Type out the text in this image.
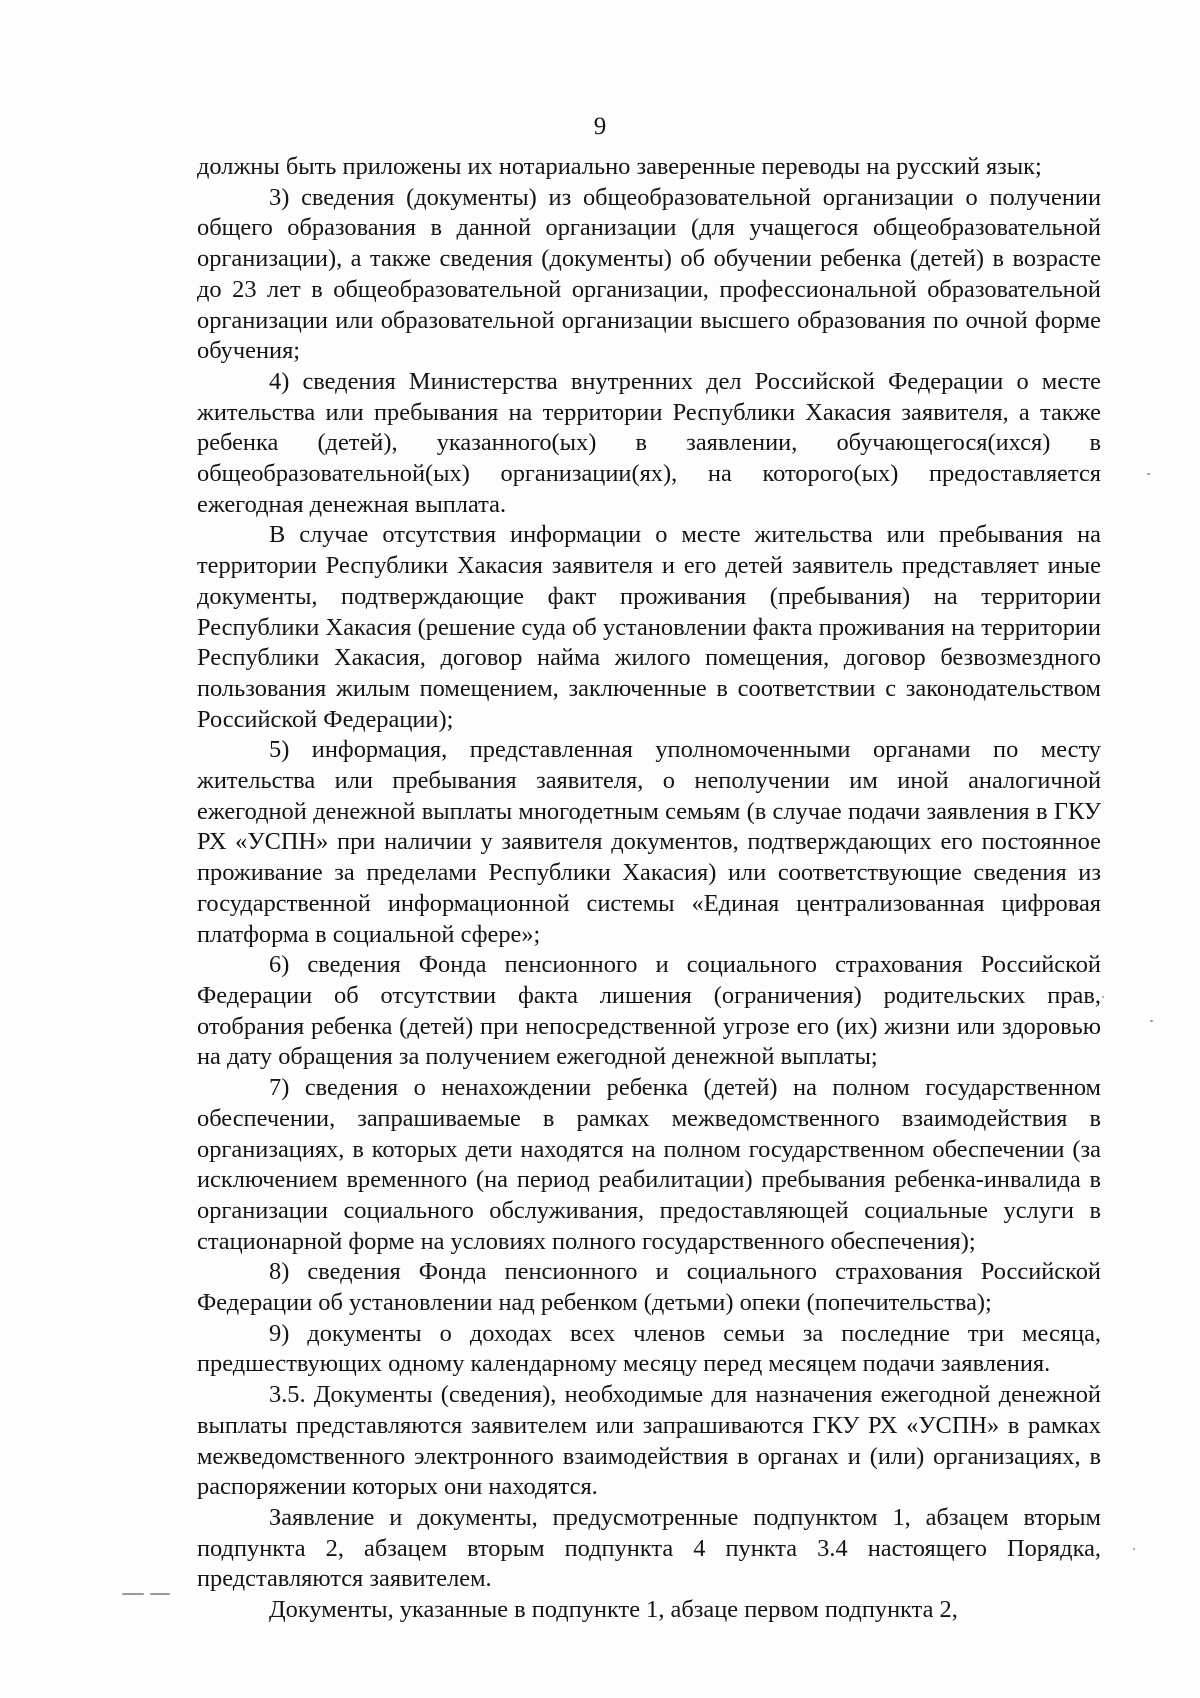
9

должны быть приложены их нотариально заверенные переводы на русский язык;

3) сведения (документы) из общеобразовательной организации о получении общего образования в данной организации (для учащегося общеобразовательной организации), а также сведения (документы) об обучении ребенка (детей) в возрасте до 23 лет в общеобразовательной организации, профессиональной образовательной организации или образовательной организации высшего образования по очной форме обучения;

4) сведения Министерства внутренних дел Российской Федерации о месте жительства или пребывания на территории Республики Хакасия заявителя, а также ребенка (детей), указанного(ых) в заявлении, обучающегося(ихся) в общеобразовательной(ых) организации(ях), на которого(ых) предоставляется ежегодная денежная выплата.

В случае отсутствия информации о месте жительства или пребывания на территории Республики Хакасия заявителя и его детей заявитель представляет иные документы, подтверждающие факт проживания (пребывания) на территории Республики Хакасия (решение суда об установлении факта проживания на территории Республики Хакасия, договор найма жилого помещения, договор безвозмездного пользования жилым помещением, заключенные в соответствии с законодательством Российской Федерации);

5) информация, представленная уполномоченными органами по месту жительства или пребывания заявителя, о неполучении им иной аналогичной ежегодной денежной выплаты многодетным семьям (в случае подачи заявления в ГКУ РХ «УСПН» при наличии у заявителя документов, подтверждающих его постоянное проживание за пределами Республики Хакасия) или соответствующие сведения из государственной информационной системы «Единая централизованная цифровая платформа в социальной сфере»;

6) сведения Фонда пенсионного и социального страхования Российской Федерации об отсутствии факта лишения (ограничения) родительских прав, отобрания ребенка (детей) при непосредственной угрозе его (их) жизни или здоровью на дату обращения за получением ежегодной денежной выплаты;

7) сведения о ненахождении ребенка (детей) на полном государственном обеспечении, запрашиваемые в рамках межведомственного взаимодействия в организациях, в которых дети находятся на полном государственном обеспечении (за исключением временного (на период реабилитации) пребывания ребенка-инвалида в организации социального обслуживания, предоставляющей социальные услуги в стационарной форме на условиях полного государственного обеспечения);

8) сведения Фонда пенсионного и социального страхования Российской Федерации об установлении над ребенком (детьми) опеки (попечительства);

9) документы о доходах всех членов семьи за последние три месяца, предшествующих одному календарному месяцу перед месяцем подачи заявления.

3.5. Документы (сведения), необходимые для назначения ежегодной денежной выплаты представляются заявителем или запрашиваются ГКУ РХ «УСПН» в рамках межведомственного электронного взаимодействия в органах и (или) организациях, в распоряжении которых они находятся.

Заявление и документы, предусмотренные подпунктом 1, абзацем вторым подпункта 2, абзацем вторым подпункта 4 пункта 3.4 настоящего Порядка, представляются заявителем.

Документы, указанные в подпункте 1, абзаце первом подпункта 2,
